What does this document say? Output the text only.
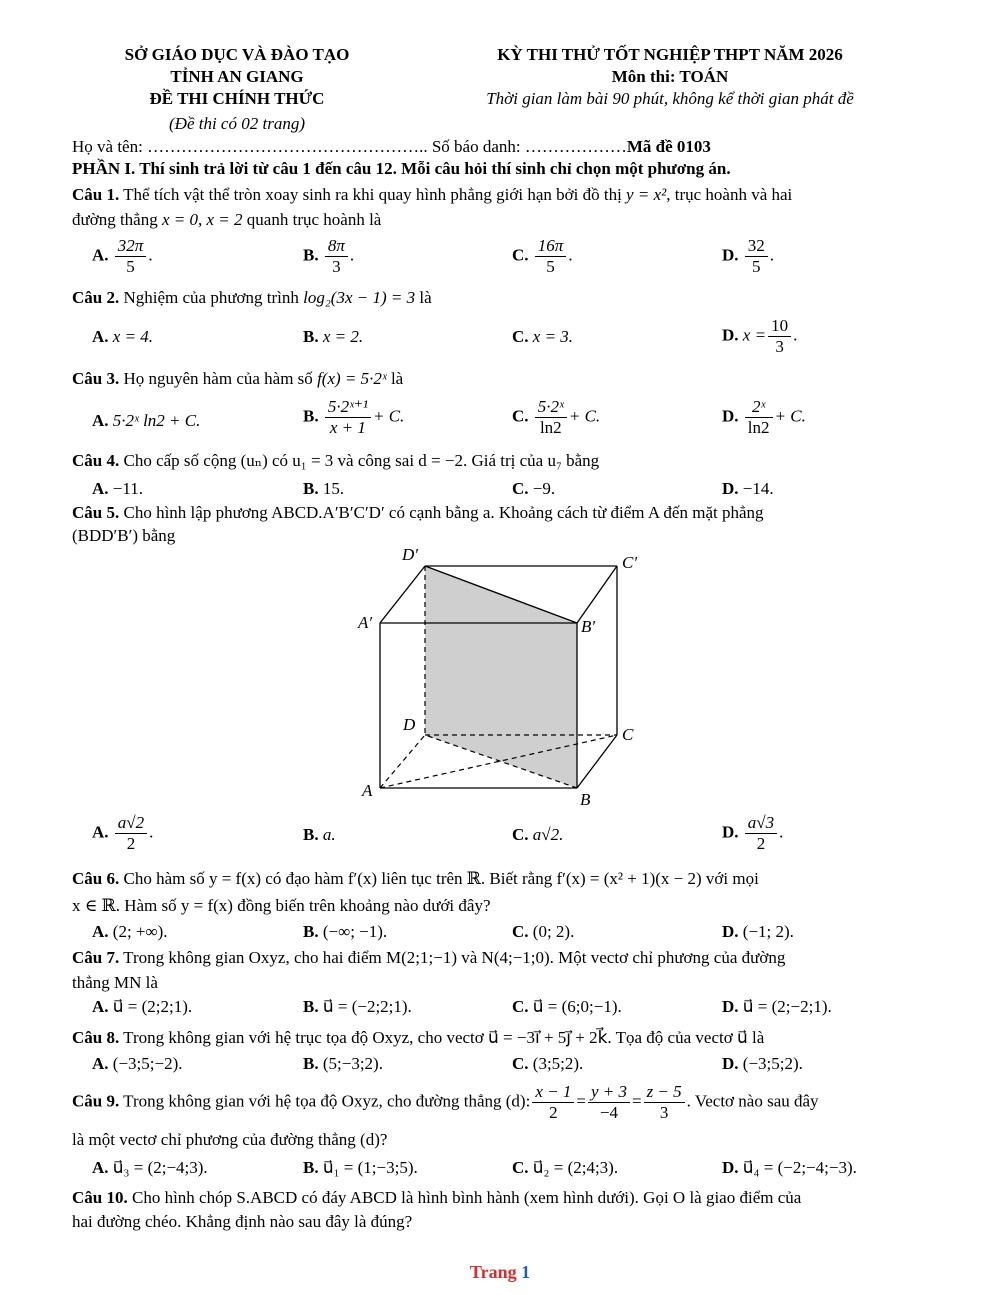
SỞ GIÁO DỤC VÀ ĐÀO TẠO
TỈNH AN GIANG
ĐỀ THI CHÍNH THỨC
(Đề thi có 02 trang)
KỲ THI THỬ TỐT NGHIỆP THPT NĂM 2026
Môn thi: TOÁN
Thời gian làm bài 90 phút, không kể thời gian phát đề
Họ và tên: ………………………………………….. Số báo danh: ………………Mã đề 0103
PHẦN I. Thí sinh trả lời từ câu 1 đến câu 12. Mỗi câu hỏi thí sinh chỉ chọn một phương án.
Câu 1. Thể tích vật thể tròn xoay sinh ra khi quay hình phẳng giới hạn bởi đồ thị y = x², trục hoành và hai
đường thẳng x = 0, x = 2 quanh trục hoành là
A. $\frac{32\pi}{5}$ .	B. $\frac{8\pi}{3}$ .	C. $\frac{16\pi}{5}$ .	D. $\frac{32}{5}$ .
Câu 2. Nghiệm của phương trình log₂(3x − 1) = 3 là
A. x = 4.	B. x = 2.	C. x = 3.	D. $x = \frac{10}{3}$ .
Câu 3. Họ nguyên hàm của hàm số f(x) = 5·2ˣ là
A. 5·2ˣ ln2 + C.	B. $\frac{\text{5·2ˣ⁺¹}}{x + 1} + C$.	C. $\frac{\text{5·2ˣ}}{\ln 2} + C$.	D. $\frac{\text{2ˣ}}{\ln 2} + C$.
Câu 4. Cho cấp số cộng (uₙ) có u₁ = 3 và công sai d = −2. Giá trị của u₇ bằng
A. −11.	B. 15.	C. −9.	D. −14.
Câu 5. Cho hình lập phương ABCD.A′B′C′D′ có cạnh bằng a. Khoảng cách từ điểm A đến mặt phẳng
(BDD′B′) bằng
D′	C′
A′	B′
D
C
A	B
A. $\frac{a√2}{2}$ .	B. a.	C. a√2.	D. $\frac{a√3}{2}$ .
Câu 6. Cho hàm số y = f(x) có đạo hàm f′(x) liên tục trên ℝ. Biết rằng f′(x) = (x² + 1)(x − 2) với mọi
x ∈ ℝ. Hàm số y = f(x) đồng biến trên khoảng nào dưới đây?
A. (2; +∞).	B. (−∞; −1).	C. (0; 2).	D. (−1; 2).
Câu 7. Trong không gian Oxyz, cho hai điểm M(2;1;−1) và N(4;−1;0). Một vectơ chỉ phương của đường
thẳng MN là
A. u⃗ = (2;2;1).	B. u⃗ = (−2;2;1).	C. u⃗ = (6;0;−1).	D. u⃗ = (2;−2;1).
Câu 8. Trong không gian với hệ trục tọa độ Oxyz, cho vectơ u⃗ = −3i⃗ + 5j⃗ + 2k⃗. Tọa độ của vectơ u⃗ là
A. (−3;5;−2).	B. (5;−3;2).	C. (3;5;2).	D. (−3;5;2).
Câu 9. Trong không gian với hệ tọa độ Oxyz, cho đường thẳng (d): $\frac{x - 1}{2} = \frac{y + 3}{-4} = \frac{z - 5}{3}$ . Vectơ nào sau đây
là một vectơ chỉ phương của đường thẳng (d)?
A. u⃗₃ = (2;−4;3).	B. u⃗₁ = (1;−3;5).	C. u⃗₂ = (2;4;3).	D. u⃗₄ = (−2;−4;−3).
Câu 10. Cho hình chóp S.ABCD có đáy ABCD là hình bình hành (xem hình dưới). Gọi O là giao điểm của
hai đường chéo. Khẳng định nào sau đây là đúng?
Trang 1
